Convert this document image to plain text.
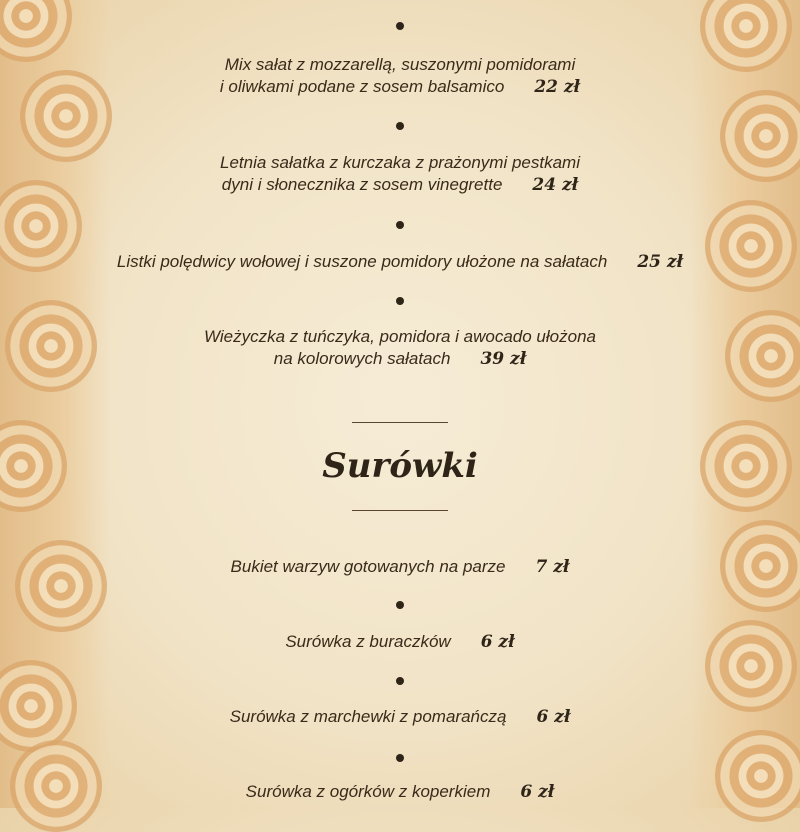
Mix sałat z mozzarellą, suszonymi pomidorami
i oliwkami podane z sosem balsamico 22 zł
Letnia sałatka z kurczaka z prażonymi pestkami
dyni i słonecznika z sosem vinegrette 24 zł
Listki polędwicy wołowej i suszone pomidory ułożone na sałatach 25 zł
Wieżyczka z tuńczyka, pomidora i awocado ułożona
na kolorowych sałatach 39 zł
Surówki
Bukiet warzyw gotowanych na parze 7 zł
Surówka z buraczków 6 zł
Surówka z marchewki z pomarańczą 6 zł
Surówka z ogórków z koperkiem 6 zł
